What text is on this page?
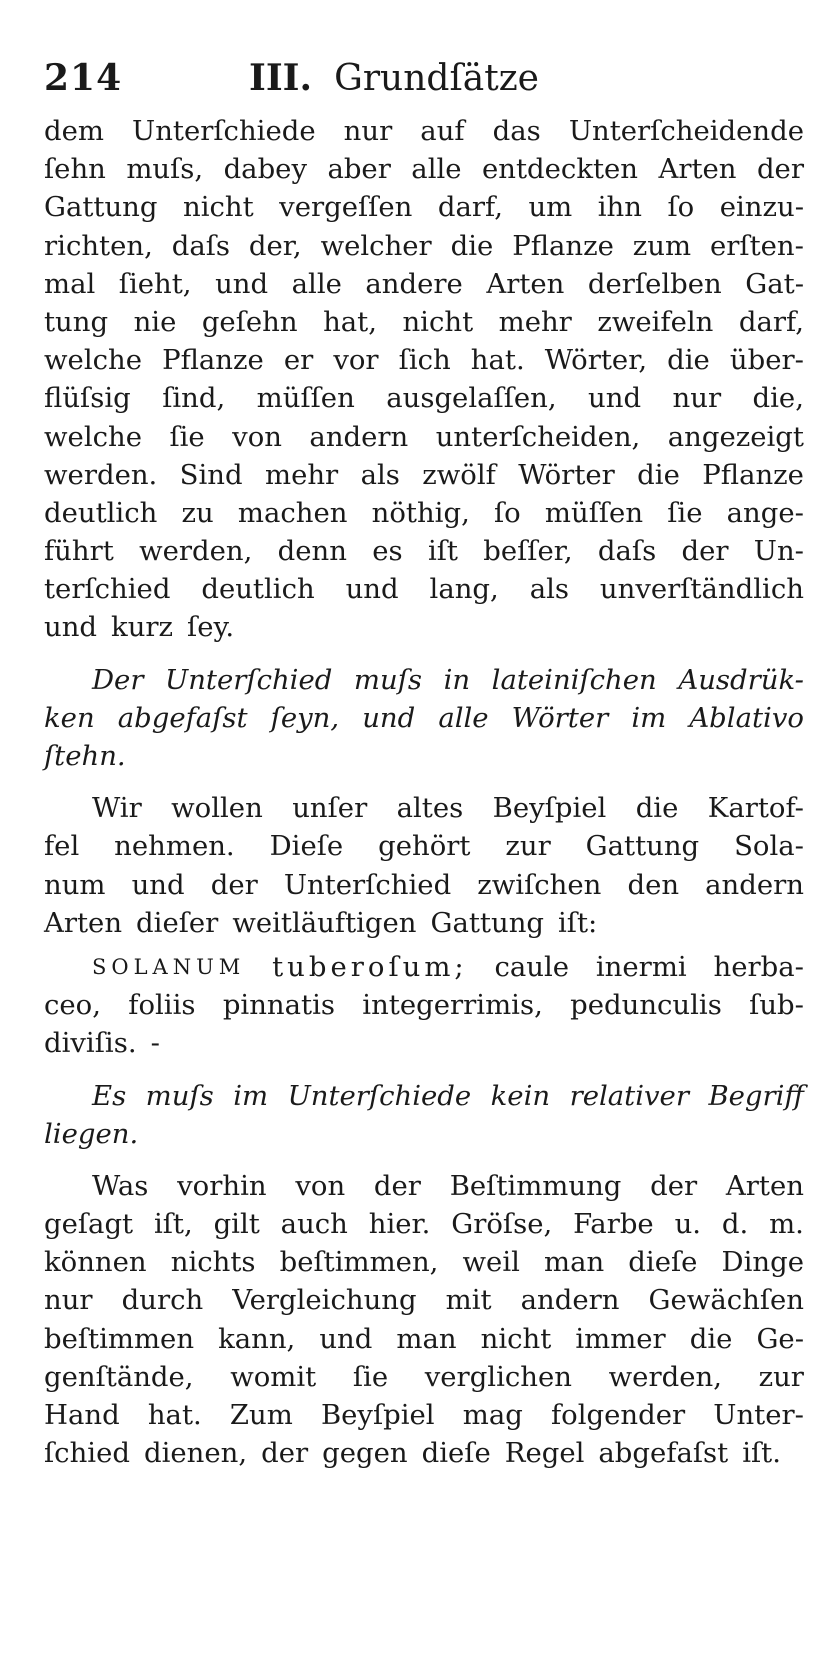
214	III. Grundſätze
dem Unterſchiede nur auf das Unterſcheidende
ſehn muſs, dabey aber alle entdeckten Arten der
Gattung nicht vergeſſen darf, um ihn ſo einzu-
richten, daſs der, welcher die Pflanze zum erſten-
mal ſieht, und alle andere Arten derſelben Gat-
tung nie geſehn hat, nicht mehr zweifeln darf,
welche Pflanze er vor ſich hat. Wörter, die über-
flüſsig ſind, müſſen ausgelaſſen, und nur die,
welche ſie von andern unterſcheiden, angezeigt
werden. Sind mehr als zwölf Wörter die Pflanze
deutlich zu machen nöthig, ſo müſſen ſie ange-
führt werden, denn es iſt beſſer, daſs der Un-
terſchied deutlich und lang, als unverſtändlich
und kurz ſey.
Der Unterſchied muſs in lateiniſchen Ausdrük-
ken abgefaſst ſeyn, und alle Wörter im Ablativo
ſtehn.
Wir wollen unſer altes Beyſpiel die Kartof-
fel nehmen. Dieſe gehört zur Gattung Sola-
num und der Unterſchied zwiſchen den andern
Arten dieſer weitläuftigen Gattung iſt:
SOLANUM tuberoſum; caule inermi herba-
ceo, foliis pinnatis integerrimis, pedunculis ſub-
diviſis. -
Es muſs im Unterſchiede kein relativer Begriff
liegen.
Was vorhin von der Beſtimmung der Arten
geſagt iſt, gilt auch hier. Gröſse, Farbe u. d. m.
können nichts beſtimmen, weil man dieſe Dinge
nur durch Vergleichung mit andern Gewächſen
beſtimmen kann, und man nicht immer die Ge-
genſtände, womit ſie verglichen werden, zur
Hand hat. Zum Beyſpiel mag folgender Unter-
ſchied dienen, der gegen dieſe Regel abgefaſst iſt.
